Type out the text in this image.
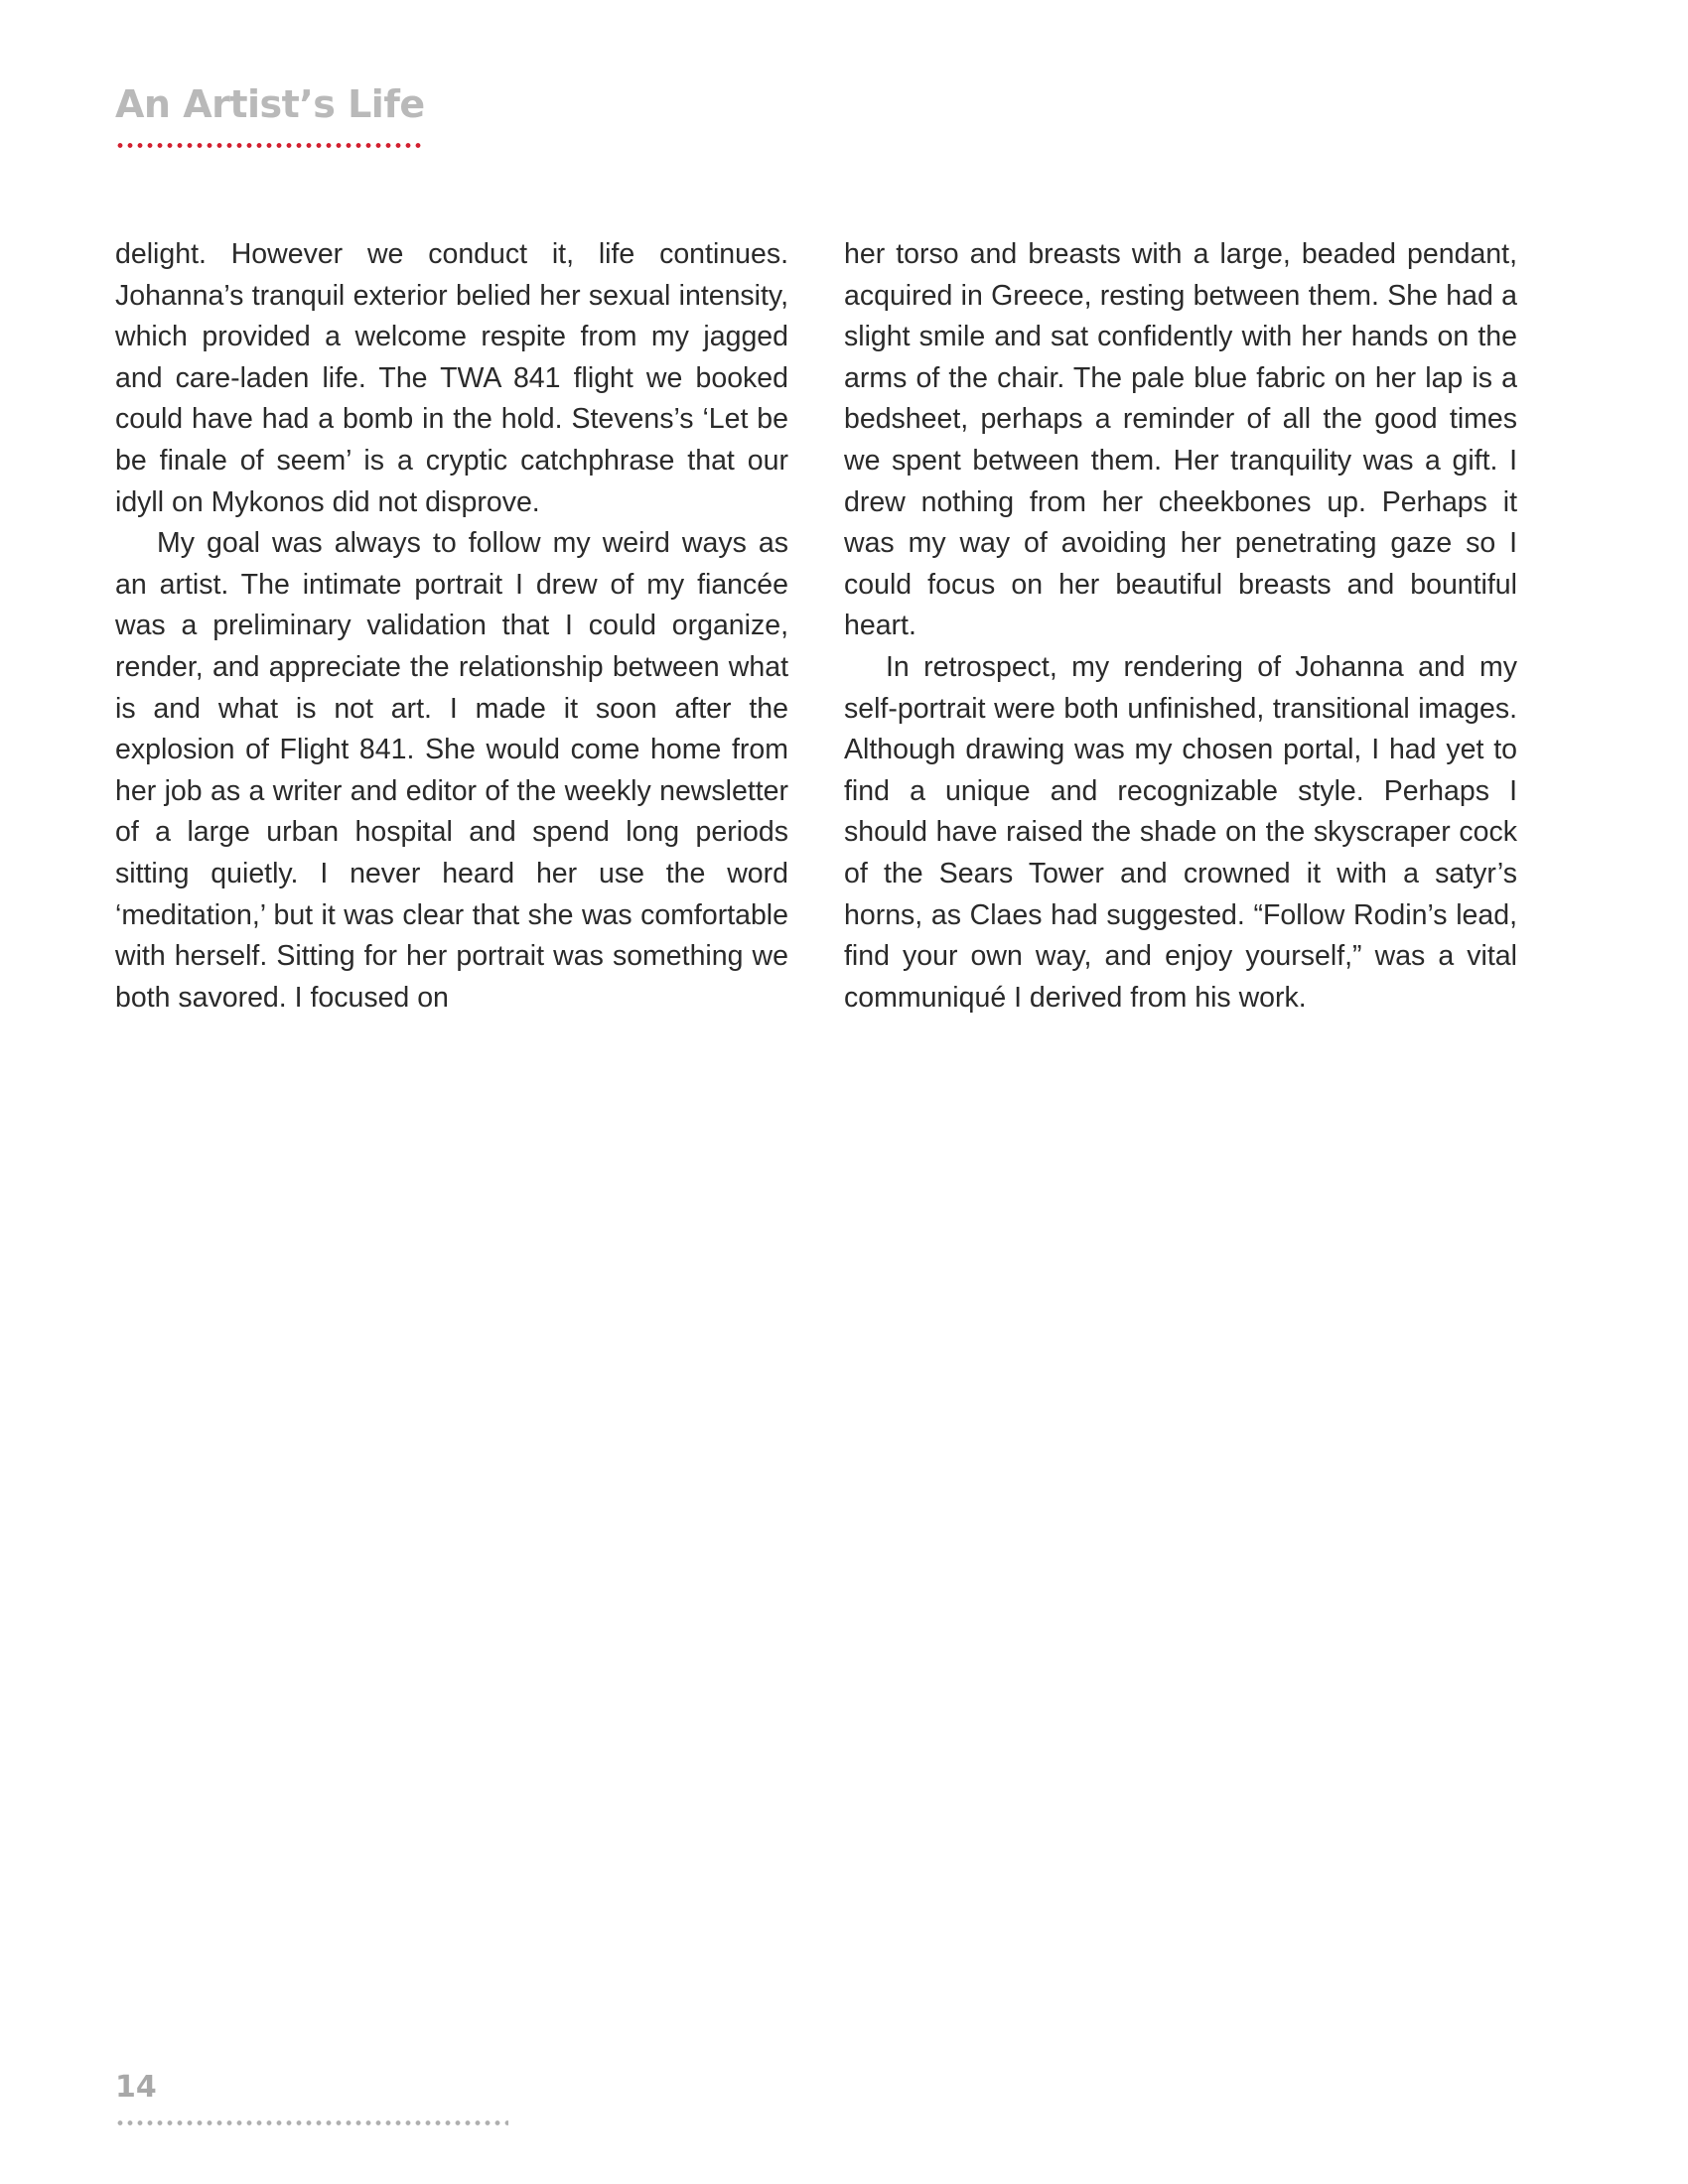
An Artist’s Life

delight. However we conduct it, life continues. Johanna’s tranquil exterior belied her sexual intensity, which provided a welcome respite from my jagged and care-laden life. The TWA 841 flight we booked could have had a bomb in the hold. Stevens’s ‘Let be be finale of seem’ is a cryptic catchphrase that our idyll on Mykonos did not disprove.

My goal was always to follow my weird ways as an artist. The intimate portrait I drew of my fiancée was a preliminary validation that I could organize, render, and appreciate the relationship between what is and what is not art. I made it soon after the explosion of Flight 841. She would come home from her job as a writer and editor of the weekly newsletter of a large urban hospital and spend long periods sitting quietly. I never heard her use the word ‘meditation,’ but it was clear that she was comfortable with herself. Sitting for her portrait was something we both savored. I focused on

her torso and breasts with a large, beaded pendant, acquired in Greece, resting between them. She had a slight smile and sat confidently with her hands on the arms of the chair. The pale blue fabric on her lap is a bedsheet, perhaps a reminder of all the good times we spent between them. Her tranquility was a gift. I drew nothing from her cheekbones up. Perhaps it was my way of avoiding her penetrating gaze so I could focus on her beautiful breasts and bountiful heart.

In retrospect, my rendering of Johanna and my self-portrait were both unfinished, transitional images. Although drawing was my chosen portal, I had yet to find a unique and recognizable style. Perhaps I should have raised the shade on the skyscraper cock of the Sears Tower and crowned it with a satyr’s horns, as Claes had suggested. “Follow Rodin’s lead, find your own way, and enjoy yourself,” was a vital communiqué I derived from his work.

14
